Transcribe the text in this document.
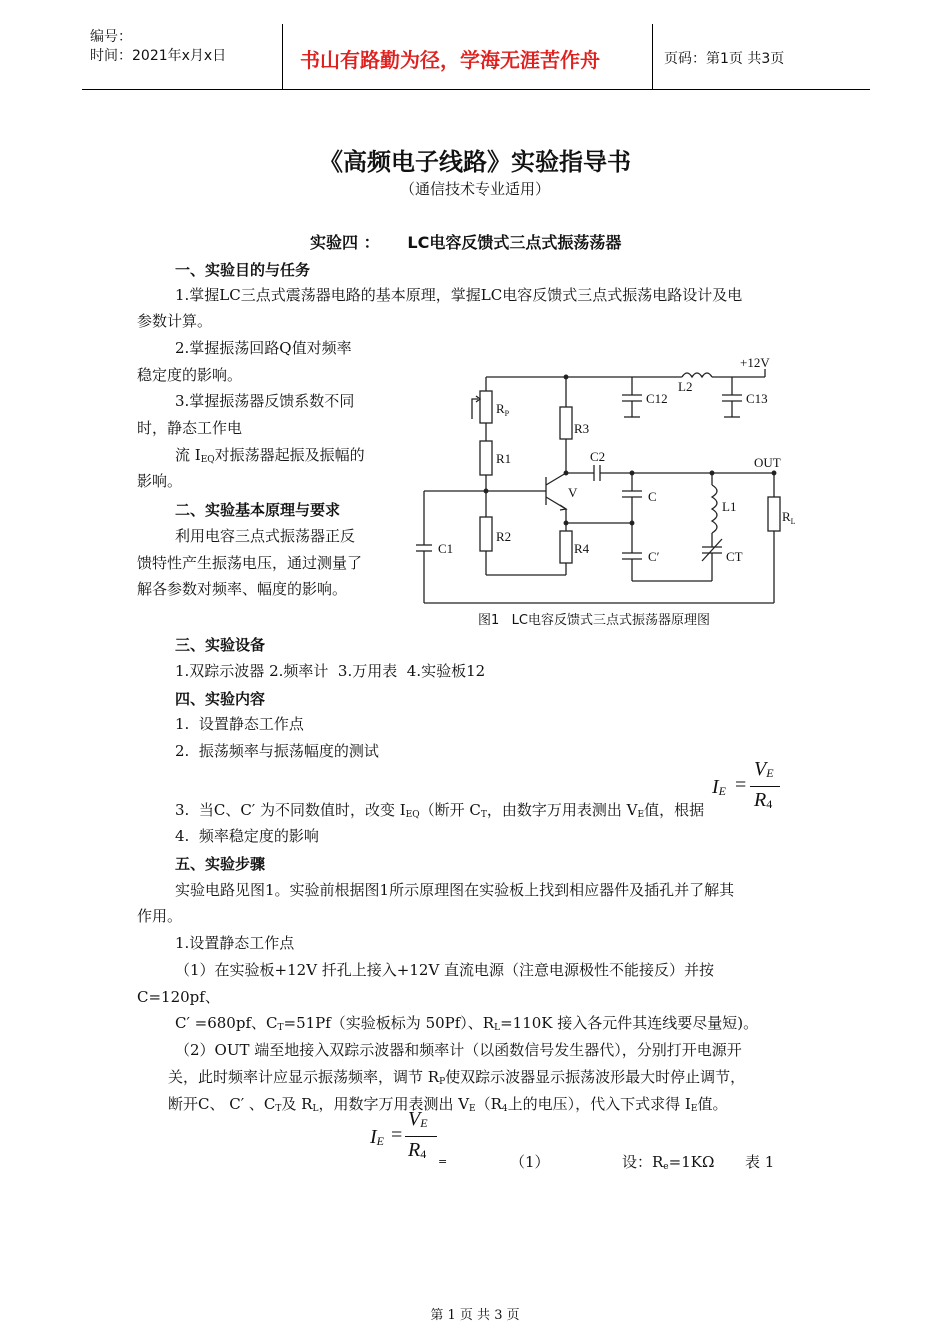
编号：
时间：2021年x月x日	书山有路勤为径，学海无涯苦作舟	页码：第1页 共3页
《高频电子线路》实验指导书
（通信技术专业适用）
实验四 ：     LC电容反馈式三点式振荡荡器
一、实验目的与任务
1.掌握LC三点式震荡器电路的基本原理，掌握LC电容反馈式三点式振荡电路设计及电
参数计算。
2.掌握振荡回路Q值对频率
稳定度的影响。
3.掌握振荡器反馈系数不同
时，静态工作电
流 $I_{EQ}$对振荡器起振及振幅的
影响。
二、实验基本原理与要求
利用电容三点式振荡器正反
馈特性产生振荡电压，通过测量了
解各参数对频率、幅度的影响。
+12V
L2
C12	C13
$R_P$
R1
R2
C1
V
R3
C2	OUT
R4
C
C′
L1
CT
$R_L$
图1   LC电容反馈式三点式振荡器原理图
三、实验设备
1.双踪示波器 2.频率计  3.万用表  4.实验板12
四、实验内容
1.  设置静态工作点
2.  振荡频率与振荡幅度的测试
3.  当C、C′ 为不同数值时，改变 $I_{EQ}$（断开 $C_T$，由数字万用表测出 $V_E$值，根据
$I_E$ =
$V_E$
$R_4$
4.  频率稳定度的影响
五、实验步骤
实验电路见图1。实验前根据图1所示原理图在实验板上找到相应器件及插孔并了解其
作用。
1.设置静态工作点
（1）在实验板+12V 扦孔上接入+12V 直流电源（注意电源极性不能接反）并按
C=120pf、
C′ =680pf、$C_T=51Pf$（实验板标为 50Pf）、$R_L=110K$ 接入各元件其连线要尽量短)。
（2）OUT 端至地接入双踪示波器和频率计（以函数信号发生器代），分别打开电源开
关，此时频率计应显示振荡频率，调节 $R_P$使双踪示波器显示振荡波形最大时停止调节，
断开C、 C′ 、$C_T$及 $R_L$，用数字万用表测出 $V_E(R_4$上的电压），代入下式求得 $I_E$值。
$I_E$ =
$V_E$
$R_4$
=	（1）	设：$R_e=1K\Omega$ 表 1
第 1 页 共 3 页
